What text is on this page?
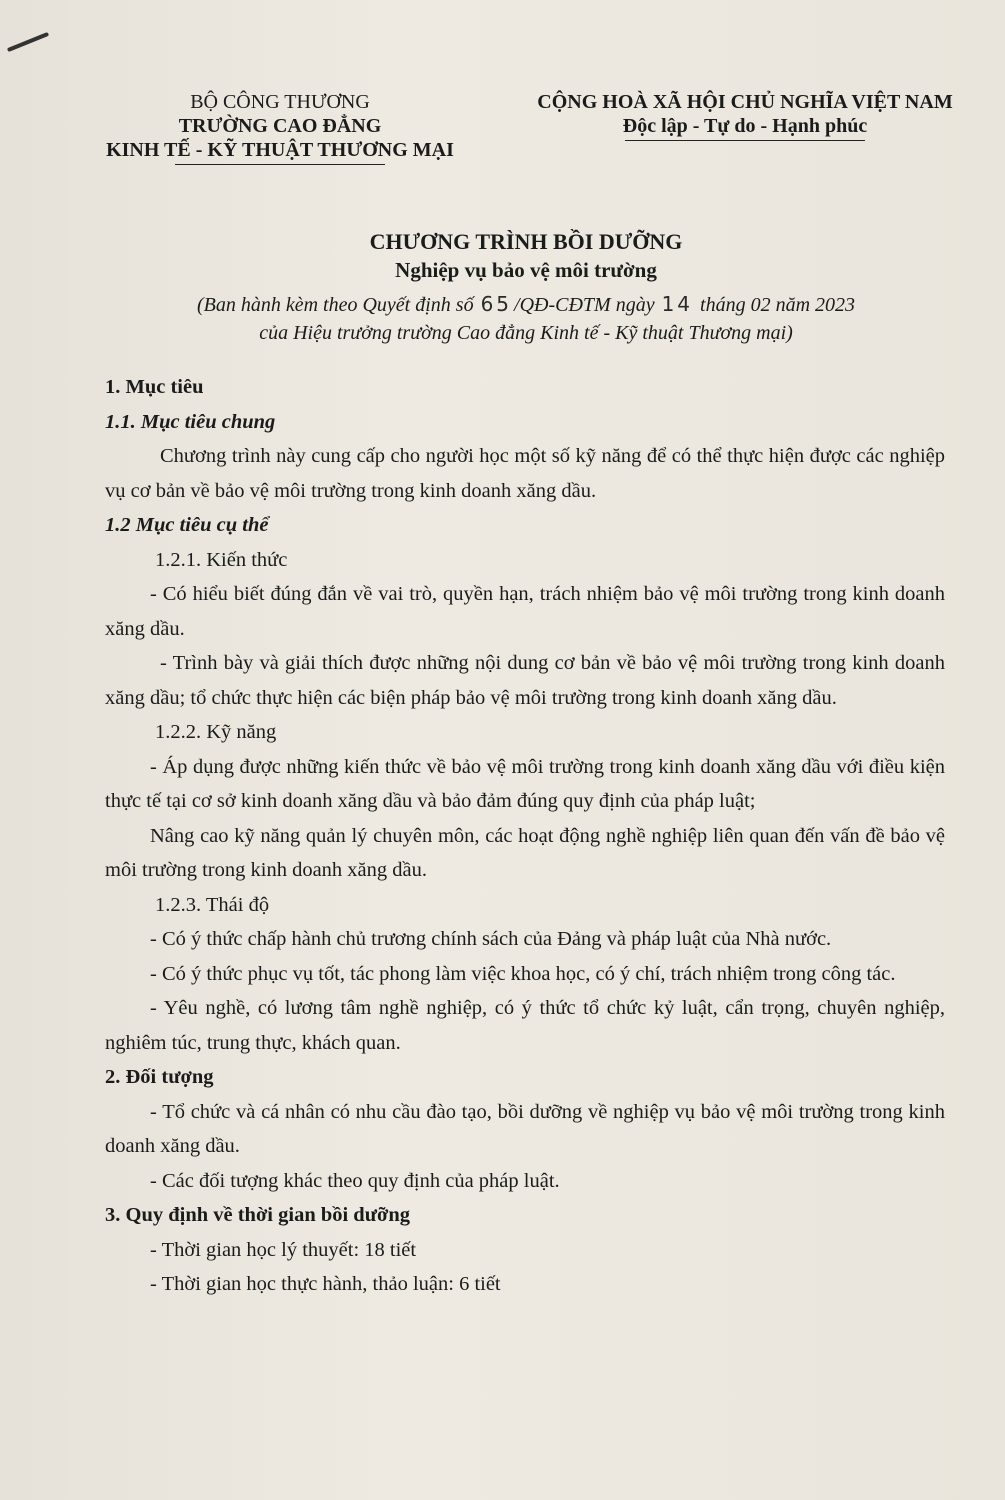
BỘ CÔNG THƯƠNG
TRƯỜNG CAO ĐẲNG
KINH TẾ - KỸ THUẬT THƯƠNG MẠI
CỘNG HOÀ XÃ HỘI CHỦ NGHĨA VIỆT NAM
Độc lập - Tự do - Hạnh phúc
CHƯƠNG TRÌNH BỒI DƯỠNG
Nghiệp vụ bảo vệ môi trường
(Ban hành kèm theo Quyết định số 65 /QĐ-CĐTM ngày 14 tháng 02 năm 2023
của Hiệu trưởng trường Cao đẳng Kinh tế - Kỹ thuật Thương mại)

1. Mục tiêu

1.1. Mục tiêu chung

Chương trình này cung cấp cho người học một số kỹ năng để có thể thực hiện được các nghiệp vụ cơ bản về bảo vệ môi trường trong kinh doanh xăng dầu.

1.2 Mục tiêu cụ thể

1.2.1. Kiến thức

- Có hiểu biết đúng đắn về vai trò, quyền hạn, trách nhiệm bảo vệ môi trường trong kinh doanh xăng dầu.

- Trình bày và giải thích được những nội dung cơ bản về bảo vệ môi trường trong kinh doanh xăng dầu; tổ chức thực hiện các biện pháp bảo vệ môi trường trong kinh doanh xăng dầu.

1.2.2. Kỹ năng

- Áp dụng được những kiến thức về bảo vệ môi trường trong kinh doanh xăng dầu với điều kiện thực tế tại cơ sở kinh doanh xăng dầu và bảo đảm đúng quy định của pháp luật;

Nâng cao kỹ năng quản lý chuyên môn, các hoạt động nghề nghiệp liên quan đến vấn đề bảo vệ môi trường trong kinh doanh xăng dầu.

1.2.3. Thái độ

- Có ý thức chấp hành chủ trương chính sách của Đảng và pháp luật của Nhà nước.

- Có ý thức phục vụ tốt, tác phong làm việc khoa học, có ý chí, trách nhiệm trong công tác.

- Yêu nghề, có lương tâm nghề nghiệp, có ý thức tổ chức kỷ luật, cẩn trọng, chuyên nghiệp, nghiêm túc, trung thực, khách quan.

2. Đối tượng

- Tổ chức và cá nhân có nhu cầu đào tạo, bồi dưỡng về nghiệp vụ bảo vệ môi trường trong kinh doanh xăng dầu.

- Các đối tượng khác theo quy định của pháp luật.

3. Quy định về thời gian bồi dưỡng

- Thời gian học lý thuyết: 18 tiết

- Thời gian học thực hành, thảo luận: 6 tiết
